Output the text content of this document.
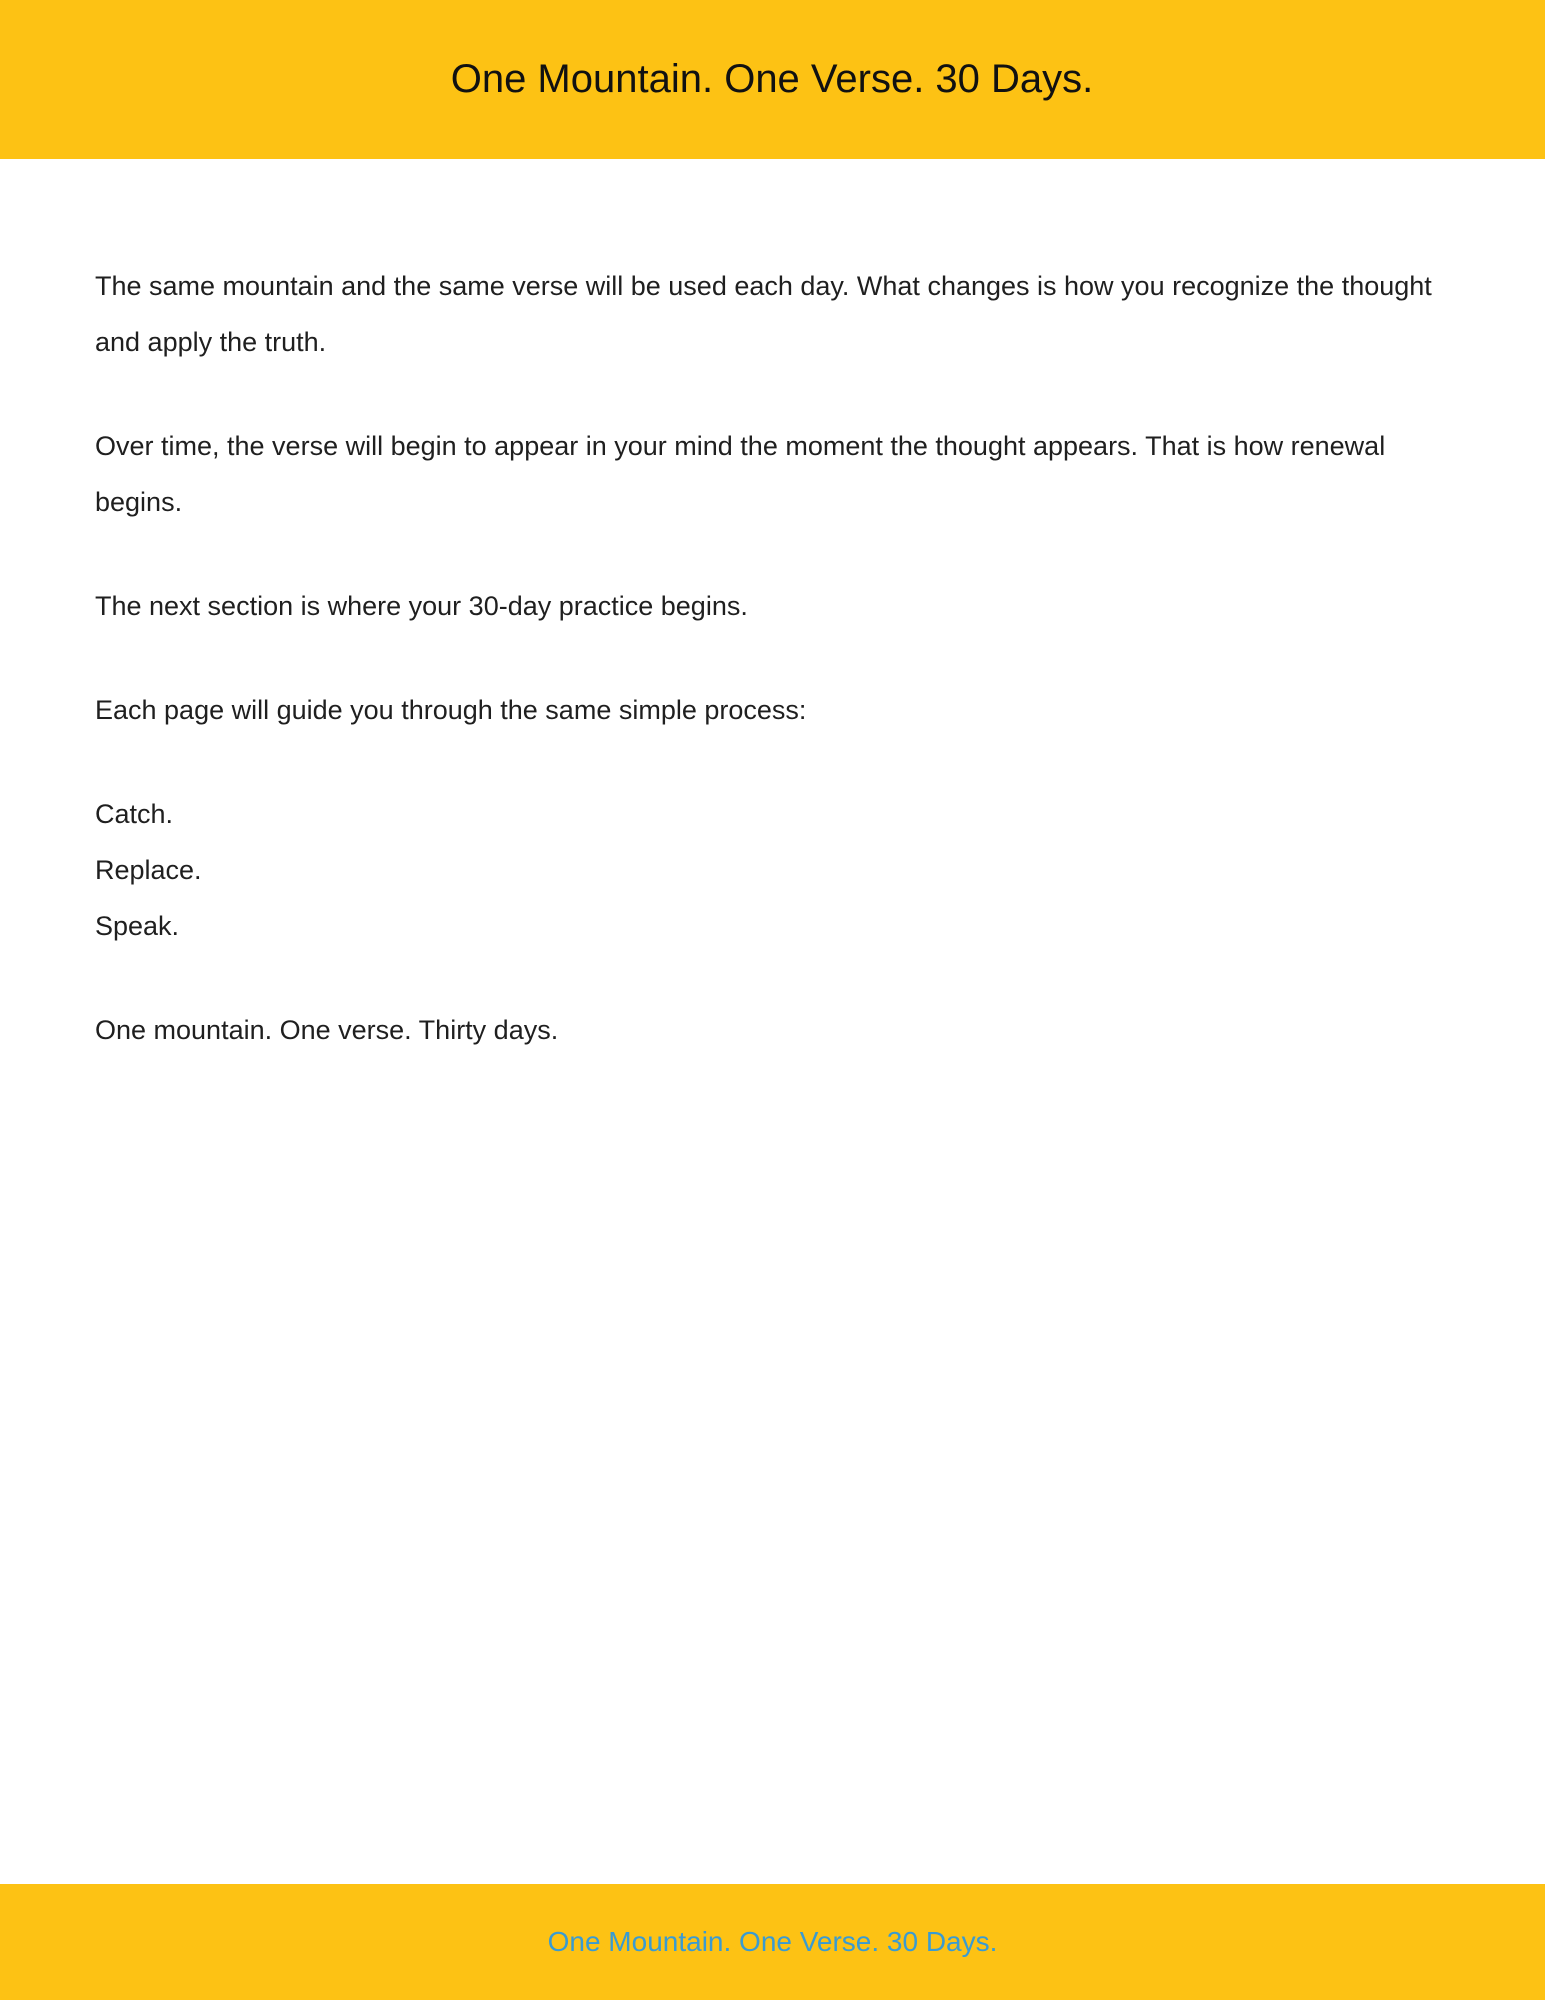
One Mountain. One Verse. 30 Days.

The same mountain and the same verse will be used each day. What changes is how you recognize the thought and apply the truth.

Over time, the verse will begin to appear in your mind the moment the thought appears. That is how renewal begins.

The next section is where your 30-day practice begins.

Each page will guide you through the same simple process:

Catch.
Replace.
Speak.

One mountain. One verse. Thirty days.

One Mountain. One Verse. 30 Days.
